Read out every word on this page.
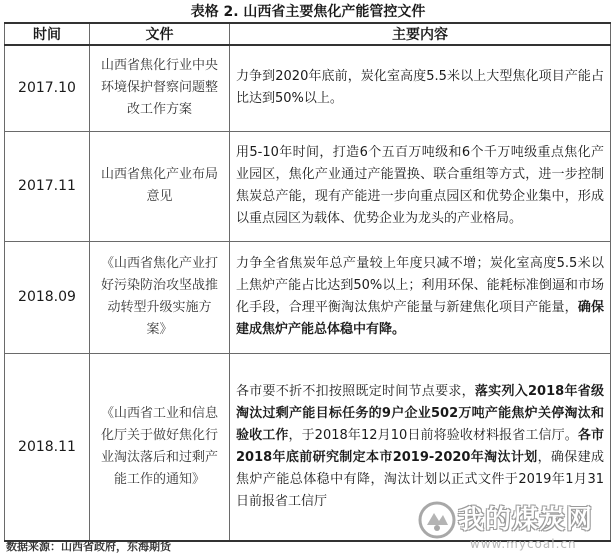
表格 2. 山西省主要焦化产能管控文件
时间	文件	主要内容
2017.10	山西省焦化行业中央环境保护督察问题整改工作方案	力争到2020年底前，炭化室高度5.5米以上大型焦化项目产能占比达到50%以上。
2017.11	山西省焦化产业布局意见	用5-10年时间，打造6个五百万吨级和6个千万吨级重点焦化产业园区，焦化产业通过产能置换、联合重组等方式，进一步控制焦炭总产能，现有产能进一步向重点园区和优势企业集中，形成以重点园区为载体、优势企业为龙头的产业格局。
2018.09	《山西省焦化产业打好污染防治攻坚战推动转型升级实施方案》	力争全省焦炭年总产量较上年度只减不增；炭化室高度5.5米以上焦炉产能占比达到50%以上；利用环保、能耗标准倒逼和市场化手段，合理平衡淘汰焦炉产能量与新建焦化项目产能量，确保建成焦炉产能总体稳中有降。
2018.11	《山西省工业和信息化厅关于做好焦化行业淘汰落后和过剩产能工作的通知》	各市要不折不扣按照既定时间节点要求，落实列入2018年省级淘汰过剩产能目标任务的9户企业502万吨产能焦炉关停淘汰和验收工作，于2018年12月10日前将验收材料报省工信厅。各市2018年底前研究制定本市2019-2020年淘汰计划，确保建成焦炉产能总体稳中有降，淘汰计划以正式文件于2019年1月31日前报省工信厅
数据来源：山西省政府，东海期货
我的煤炭网
www.mycoal.cn
